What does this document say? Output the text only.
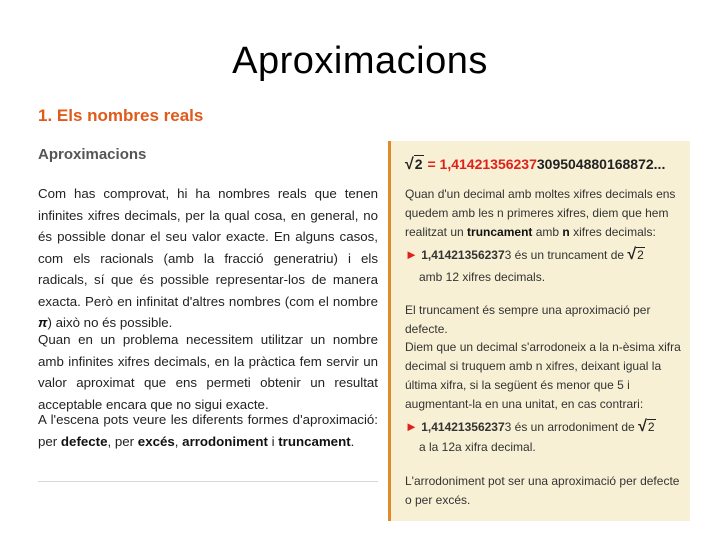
Aproximacions
1. Els nombres reals
Aproximacions
Com has comprovat, hi ha nombres reals que tenen infinites xifres decimals, per la qual cosa, en general, no és possible donar el seu valor exacte. En alguns casos, com els racionals (amb la fracció generatriu) i els radicals, sí que és possible representar-los de manera exacta. Però en infinitat d'altres nombres (com el nombre π) això no és possible.
Quan en un problema necessitem utilitzar un nombre amb infinites xifres decimals, en la pràctica fem servir un valor aproximat que ens permeti obtenir un resultat acceptable encara que no sigui exacte.
A l'escena pots veure les diferents formes d'aproximació: per defecte, per excés, arrodoniment i truncament.
√2 = 1,41421356237309504880168872...
Quan d'un decimal amb moltes xifres decimals ens quedem amb les n primeres xifres, diem que hem realitzat un truncament amb n xifres decimals:
► 1,414213562373 és un truncament de √2
amb 12 xifres decimals.
El truncament és sempre una aproximació per defecte.
Diem que un decimal s'arrodoneix a la n-èsima xifra decimal si truquem amb n xifres, deixant igual la última xifra, si la següent és menor que 5 i augmentant-la en una unitat, en cas contrari:
► 1,414213562373 és un arrodoniment de √2
a la 12a xifra decimal.
L'arrodoniment pot ser una aproximació per defecte o per excés.
